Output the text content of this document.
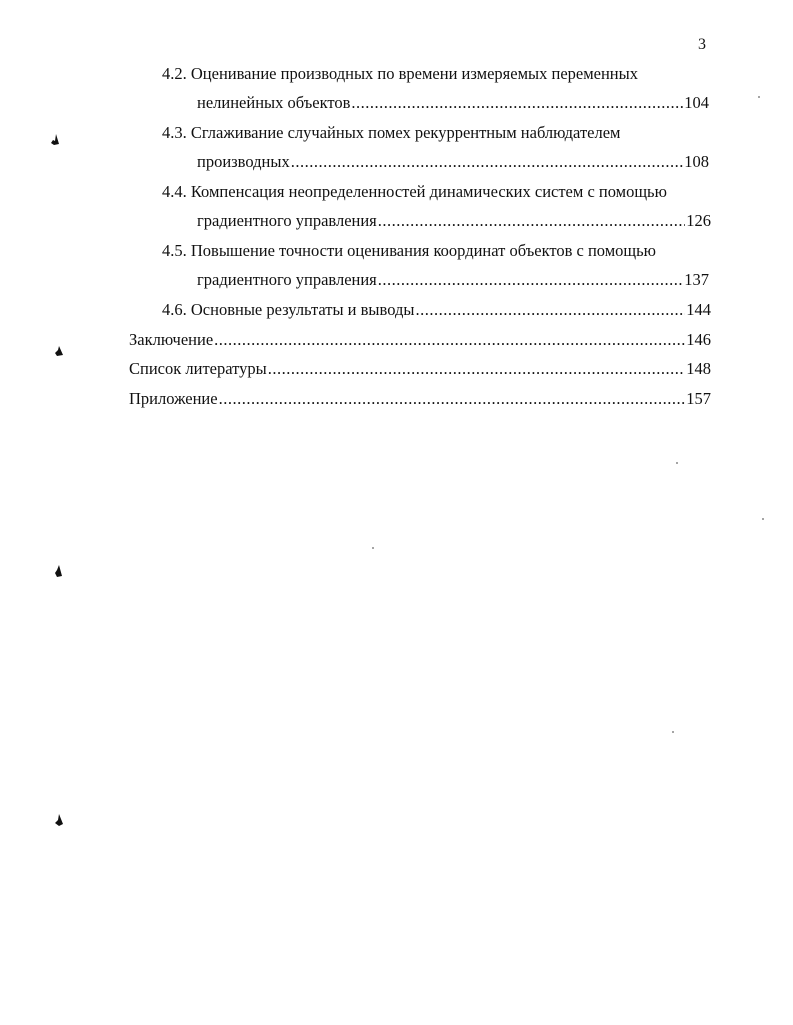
3
4.2. Оценивание производных по времени измеряемых переменных
нелинейных объектов .....	104
4.3. Сглаживание случайных помех рекуррентным наблюдателем
производных .....	108
4.4. Компенсация неопределенностей динамических систем с помощью
градиентного управления .....	126
4.5. Повышение точности оценивания координат объектов с помощью
градиентного управления .....	137
4.6. Основные результаты и выводы .....	144
Заключение .....	146
Список литературы .....	148
Приложение .....	157
